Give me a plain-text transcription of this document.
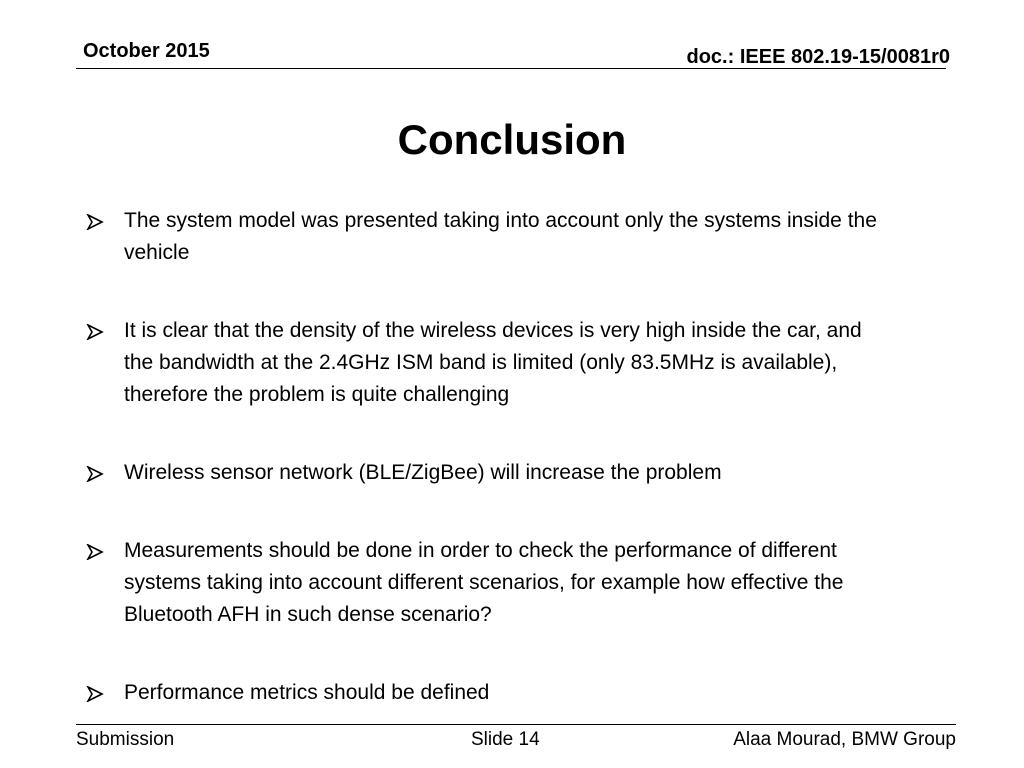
October 2015	doc.: IEEE 802.19-15/0081r0
Conclusion
The system model was presented taking into account only the systems inside the vehicle
It is clear that the density of the wireless devices is very high inside the car, and the bandwidth at the 2.4GHz ISM band is limited (only 83.5MHz is available), therefore the problem is quite challenging
Wireless sensor network (BLE/ZigBee) will increase the problem
Measurements should be done in order to check the performance of different systems taking into account different scenarios, for example how effective the Bluetooth AFH in such dense scenario?
Performance metrics should be defined
Submission	Slide 14	Alaa Mourad, BMW Group
